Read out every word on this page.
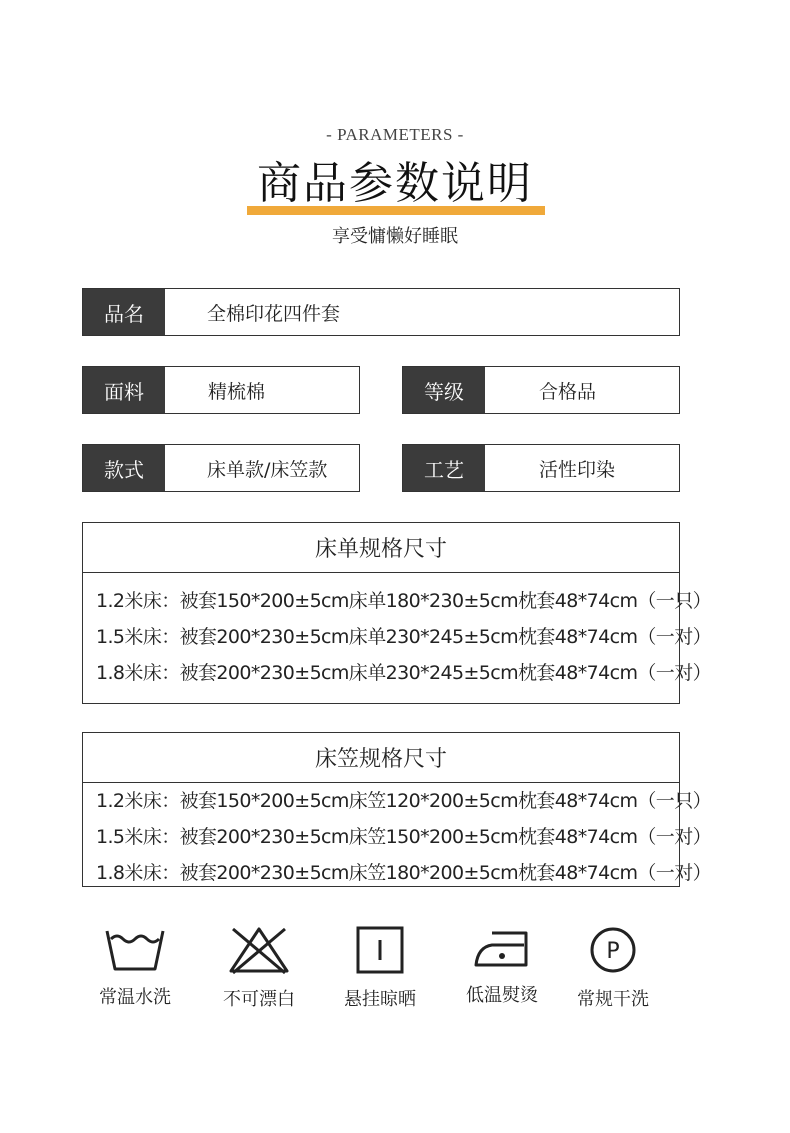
- PARAMETERS -
商品参数说明
享受慵懒好睡眠
品名	全棉印花四件套
面料	精梳棉	等级	合格品
款式	床单款/床笠款	工艺	活性印染
床单规格尺寸
1.2米床：被套150*200±5cm床单180*230±5cm枕套48*74cm（一只）
1.5米床：被套200*230±5cm床单230*245±5cm枕套48*74cm（一对）
1.8米床：被套200*230±5cm床单230*245±5cm枕套48*74cm（一对）
床笠规格尺寸
1.2米床：被套150*200±5cm床笠120*200±5cm枕套48*74cm（一只）
1.5米床：被套200*230±5cm床笠150*200±5cm枕套48*74cm（一对）
1.8米床：被套200*230±5cm床笠180*200±5cm枕套48*74cm（一对）
常温水洗	不可漂白	悬挂晾晒	低温熨烫
P
常规干洗
